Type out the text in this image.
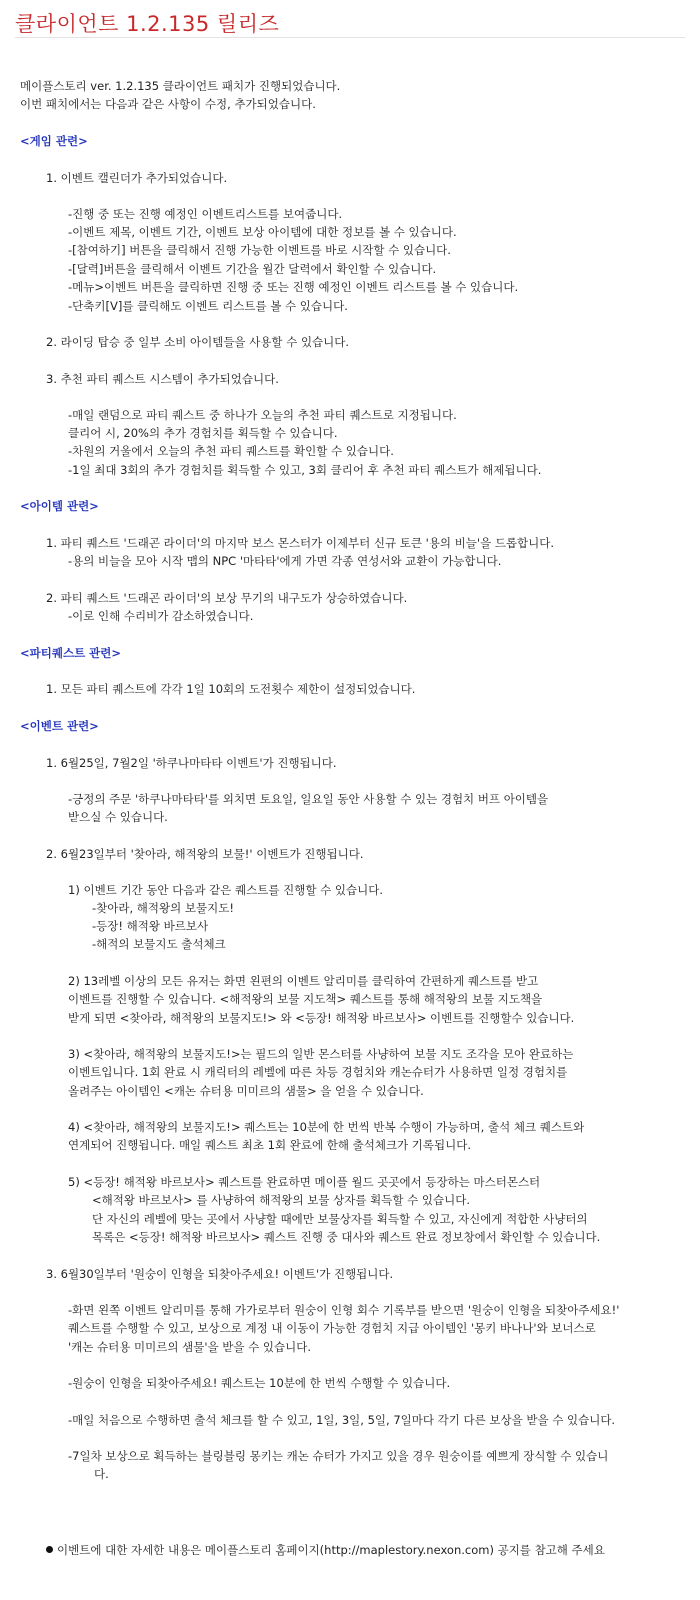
클라이언트 1.2.135 릴리즈
메이플스토리 ver. 1.2.135 클라이언트 패치가 진행되었습니다.
이번 패치에서는 다음과 같은 사항이 수정, 추가되었습니다.
<게임 관련>
1. 이벤트 캘린더가 추가되었습니다.
-진행 중 또는 진행 예정인 이벤트리스트를 보여줍니다.
-이벤트 제목, 이벤트 기간, 이벤트 보상 아이템에 대한 정보를 볼 수 있습니다.
-[참여하기] 버튼을 클릭해서 진행 가능한 이벤트를 바로 시작할 수 있습니다.
-[달력]버튼을 클릭해서 이벤트 기간을 월간 달력에서 확인할 수 있습니다.
-메뉴>이벤트 버튼을 클릭하면 진행 중 또는 진행 예정인 이벤트 리스트를 볼 수 있습니다.
-단축키[V]를 클릭해도 이벤트 리스트를 볼 수 있습니다.
2. 라이딩 탑승 중 일부 소비 아이템들을 사용할 수 있습니다.
3. 추천 파티 퀘스트 시스템이 추가되었습니다.
-매일 랜덤으로 파티 퀘스트 중 하나가 오늘의 추천 파티 퀘스트로 지정됩니다.
클리어 시, 20%의 추가 경험치를 획득할 수 있습니다.
-차원의 거울에서 오늘의 추천 파티 퀘스트를 확인할 수 있습니다.
-1일 최대 3회의 추가 경험치를 획득할 수 있고, 3회 클리어 후 추천 파티 퀘스트가 해제됩니다.
<아이템 관련>
1. 파티 퀘스트 '드래곤 라이더'의 마지막 보스 몬스터가 이제부터 신규 토큰 '용의 비늘'을 드롭합니다.
-용의 비늘을 모아 시작 맵의 NPC '마타타'에게 가면 각종 연성서와 교환이 가능합니다.
2. 파티 퀘스트 '드래곤 라이더'의 보상 무기의 내구도가 상승하였습니다.
-이로 인해 수리비가 감소하였습니다.
<파티퀘스트 관련>
1. 모든 파티 퀘스트에 각각 1일 10회의 도전횟수 제한이 설정되었습니다.
<이벤트 관련>
1. 6월25일, 7월2일 '하쿠나마타타 이벤트'가 진행됩니다.
-긍정의 주문 '하쿠나마타타'를 외치면 토요일, 일요일 동안 사용할 수 있는 경험치 버프 아이템을
받으실 수 있습니다.
2. 6월23일부터 '찾아라, 해적왕의 보물!' 이벤트가 진행됩니다.
1) 이벤트 기간 동안 다음과 같은 퀘스트를 진행할 수 있습니다.
-찾아라, 해적왕의 보물지도!
-등장! 해적왕 바르보사
-해적의 보물지도 출석체크
2) 13레벨 이상의 모든 유저는 화면 왼편의 이벤트 알리미를 클릭하여 간편하게 퀘스트를 받고
이벤트를 진행할 수 있습니다. <해적왕의 보물 지도책> 퀘스트를 통해 해적왕의 보물 지도책을
받게 되면 <찾아라, 해적왕의 보물지도!> 와 <등장! 해적왕 바르보사> 이벤트를 진행할수 있습니다.
3) <찾아라, 해적왕의 보물지도!>는 필드의 일반 몬스터를 사냥하여 보물 지도 조각을 모아 완료하는
이벤트입니다. 1회 완료 시 캐릭터의 레벨에 따른 차등 경험치와 캐논슈터가 사용하면 일정 경험치를
올려주는 아이템인 <캐논 슈터용 미미르의 샘물> 을 얻을 수 있습니다.
4) <찾아라, 해적왕의 보물지도!> 퀘스트는 10분에 한 번씩 반복 수행이 가능하며, 출석 체크 퀘스트와
연계되어 진행됩니다. 매일 퀘스트 최초 1회 완료에 한해 출석체크가 기록됩니다.
5) <등장! 해적왕 바르보사> 퀘스트를 완료하면 메이플 월드 곳곳에서 등장하는 마스터몬스터
<해적왕 바르보사> 를 사냥하여 해적왕의 보물 상자를 획득할 수 있습니다.
단 자신의 레벨에 맞는 곳에서 사냥할 때에만 보물상자를 획득할 수 있고, 자신에게 적합한 사냥터의
목록은 <등장! 해적왕 바르보사> 퀘스트 진행 중 대사와 퀘스트 완료 정보창에서 확인할 수 있습니다.
3. 6월30일부터 '원숭이 인형을 되찾아주세요! 이벤트'가 진행됩니다.
-화면 왼쪽 이벤트 알리미를 통해 가가로부터 원숭이 인형 회수 기록부를 받으면 '원숭이 인형을 되찾아주세요!'
퀘스트를 수행할 수 있고, 보상으로 계정 내 이동이 가능한 경험치 지급 아이템인 '몽키 바나나'와 보너스로
'캐논 슈터용 미미르의 샘물'을 받을 수 있습니다.
-원숭이 인형을 되찾아주세요! 퀘스트는 10분에 한 번씩 수행할 수 있습니다.
-매일 처음으로 수행하면 출석 체크를 할 수 있고, 1일, 3일, 5일, 7일마다 각기 다른 보상을 받을 수 있습니다.
-7일차 보상으로 획득하는 블링블링 몽키는 캐논 슈터가 가지고 있을 경우 원숭이를 예쁘게 장식할 수 있습니
다.
이벤트에 대한 자세한 내용은 메이플스토리 홈페이지(http://maplestory.nexon.com) 공지를 참고해 주세요
